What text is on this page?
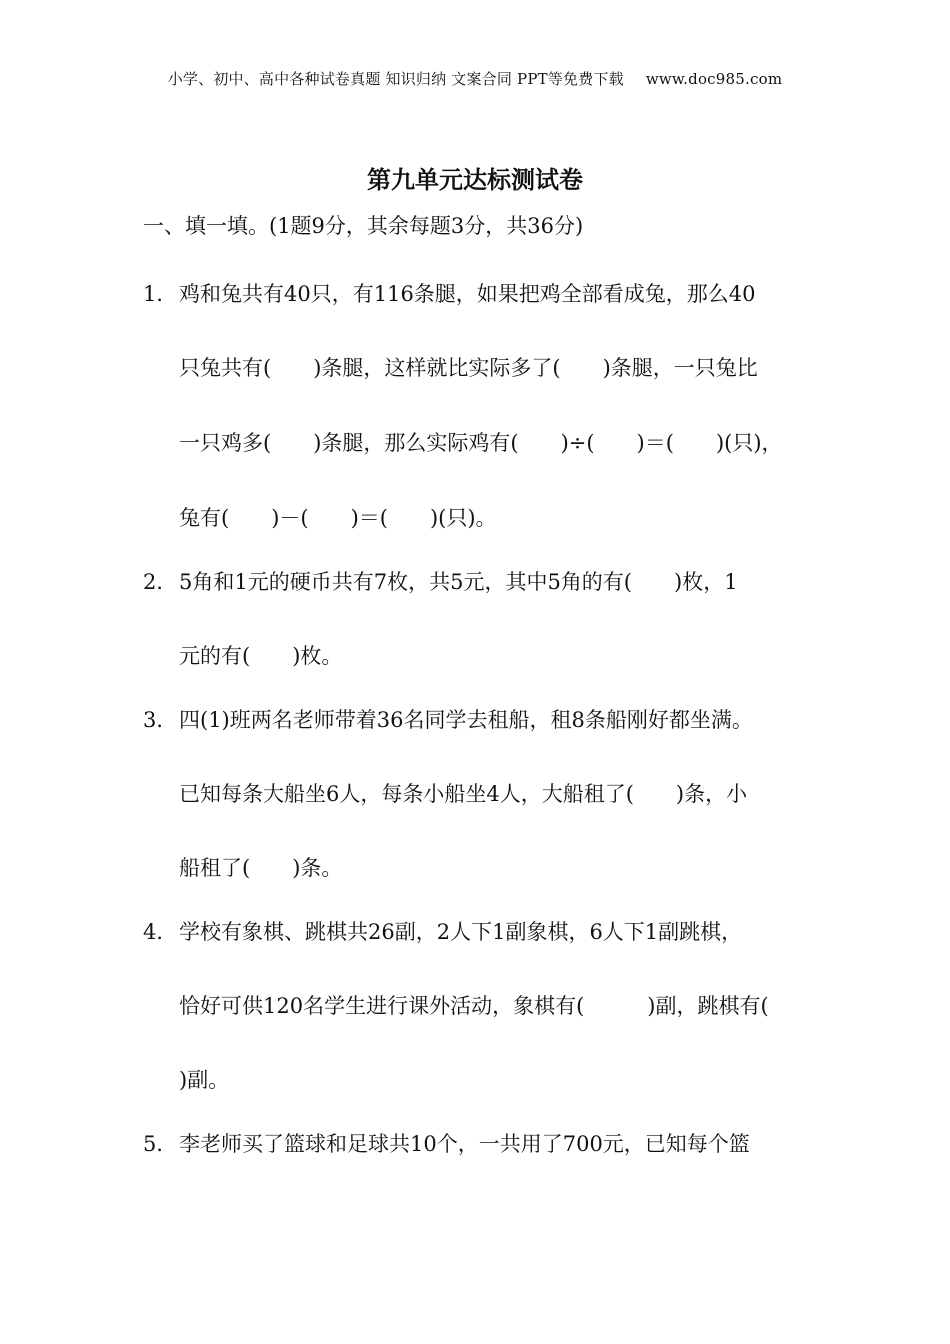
小学、初中、高中各种试卷真题 知识归纳 文案合同 PPT等免费下载 www.doc985.com
第九单元达标测试卷
一、填一填。(1题9分，其余每题3分，共36分)
1．鸡和兔共有40只，有116条腿，如果把鸡全部看成兔，那么40
只兔共有(　　)条腿，这样就比实际多了(　　)条腿，一只兔比
一只鸡多(　　)条腿，那么实际鸡有(　　)÷(　　)＝(　　)(只)，
兔有(　　)－(　　)＝(　　)(只)。
2．5角和1元的硬币共有7枚，共5元，其中5角的有(　　)枚，1
元的有(　　)枚。
3．四(1)班两名老师带着36名同学去租船，租8条船刚好都坐满。
已知每条大船坐6人，每条小船坐4人，大船租了(　　)条，小
船租了(　　)条。
4．学校有象棋、跳棋共26副，2人下1副象棋，6人下1副跳棋，
恰好可供120名学生进行课外活动，象棋有(　　　)副，跳棋有(
)副。
5．李老师买了篮球和足球共10个，一共用了700元，已知每个篮
